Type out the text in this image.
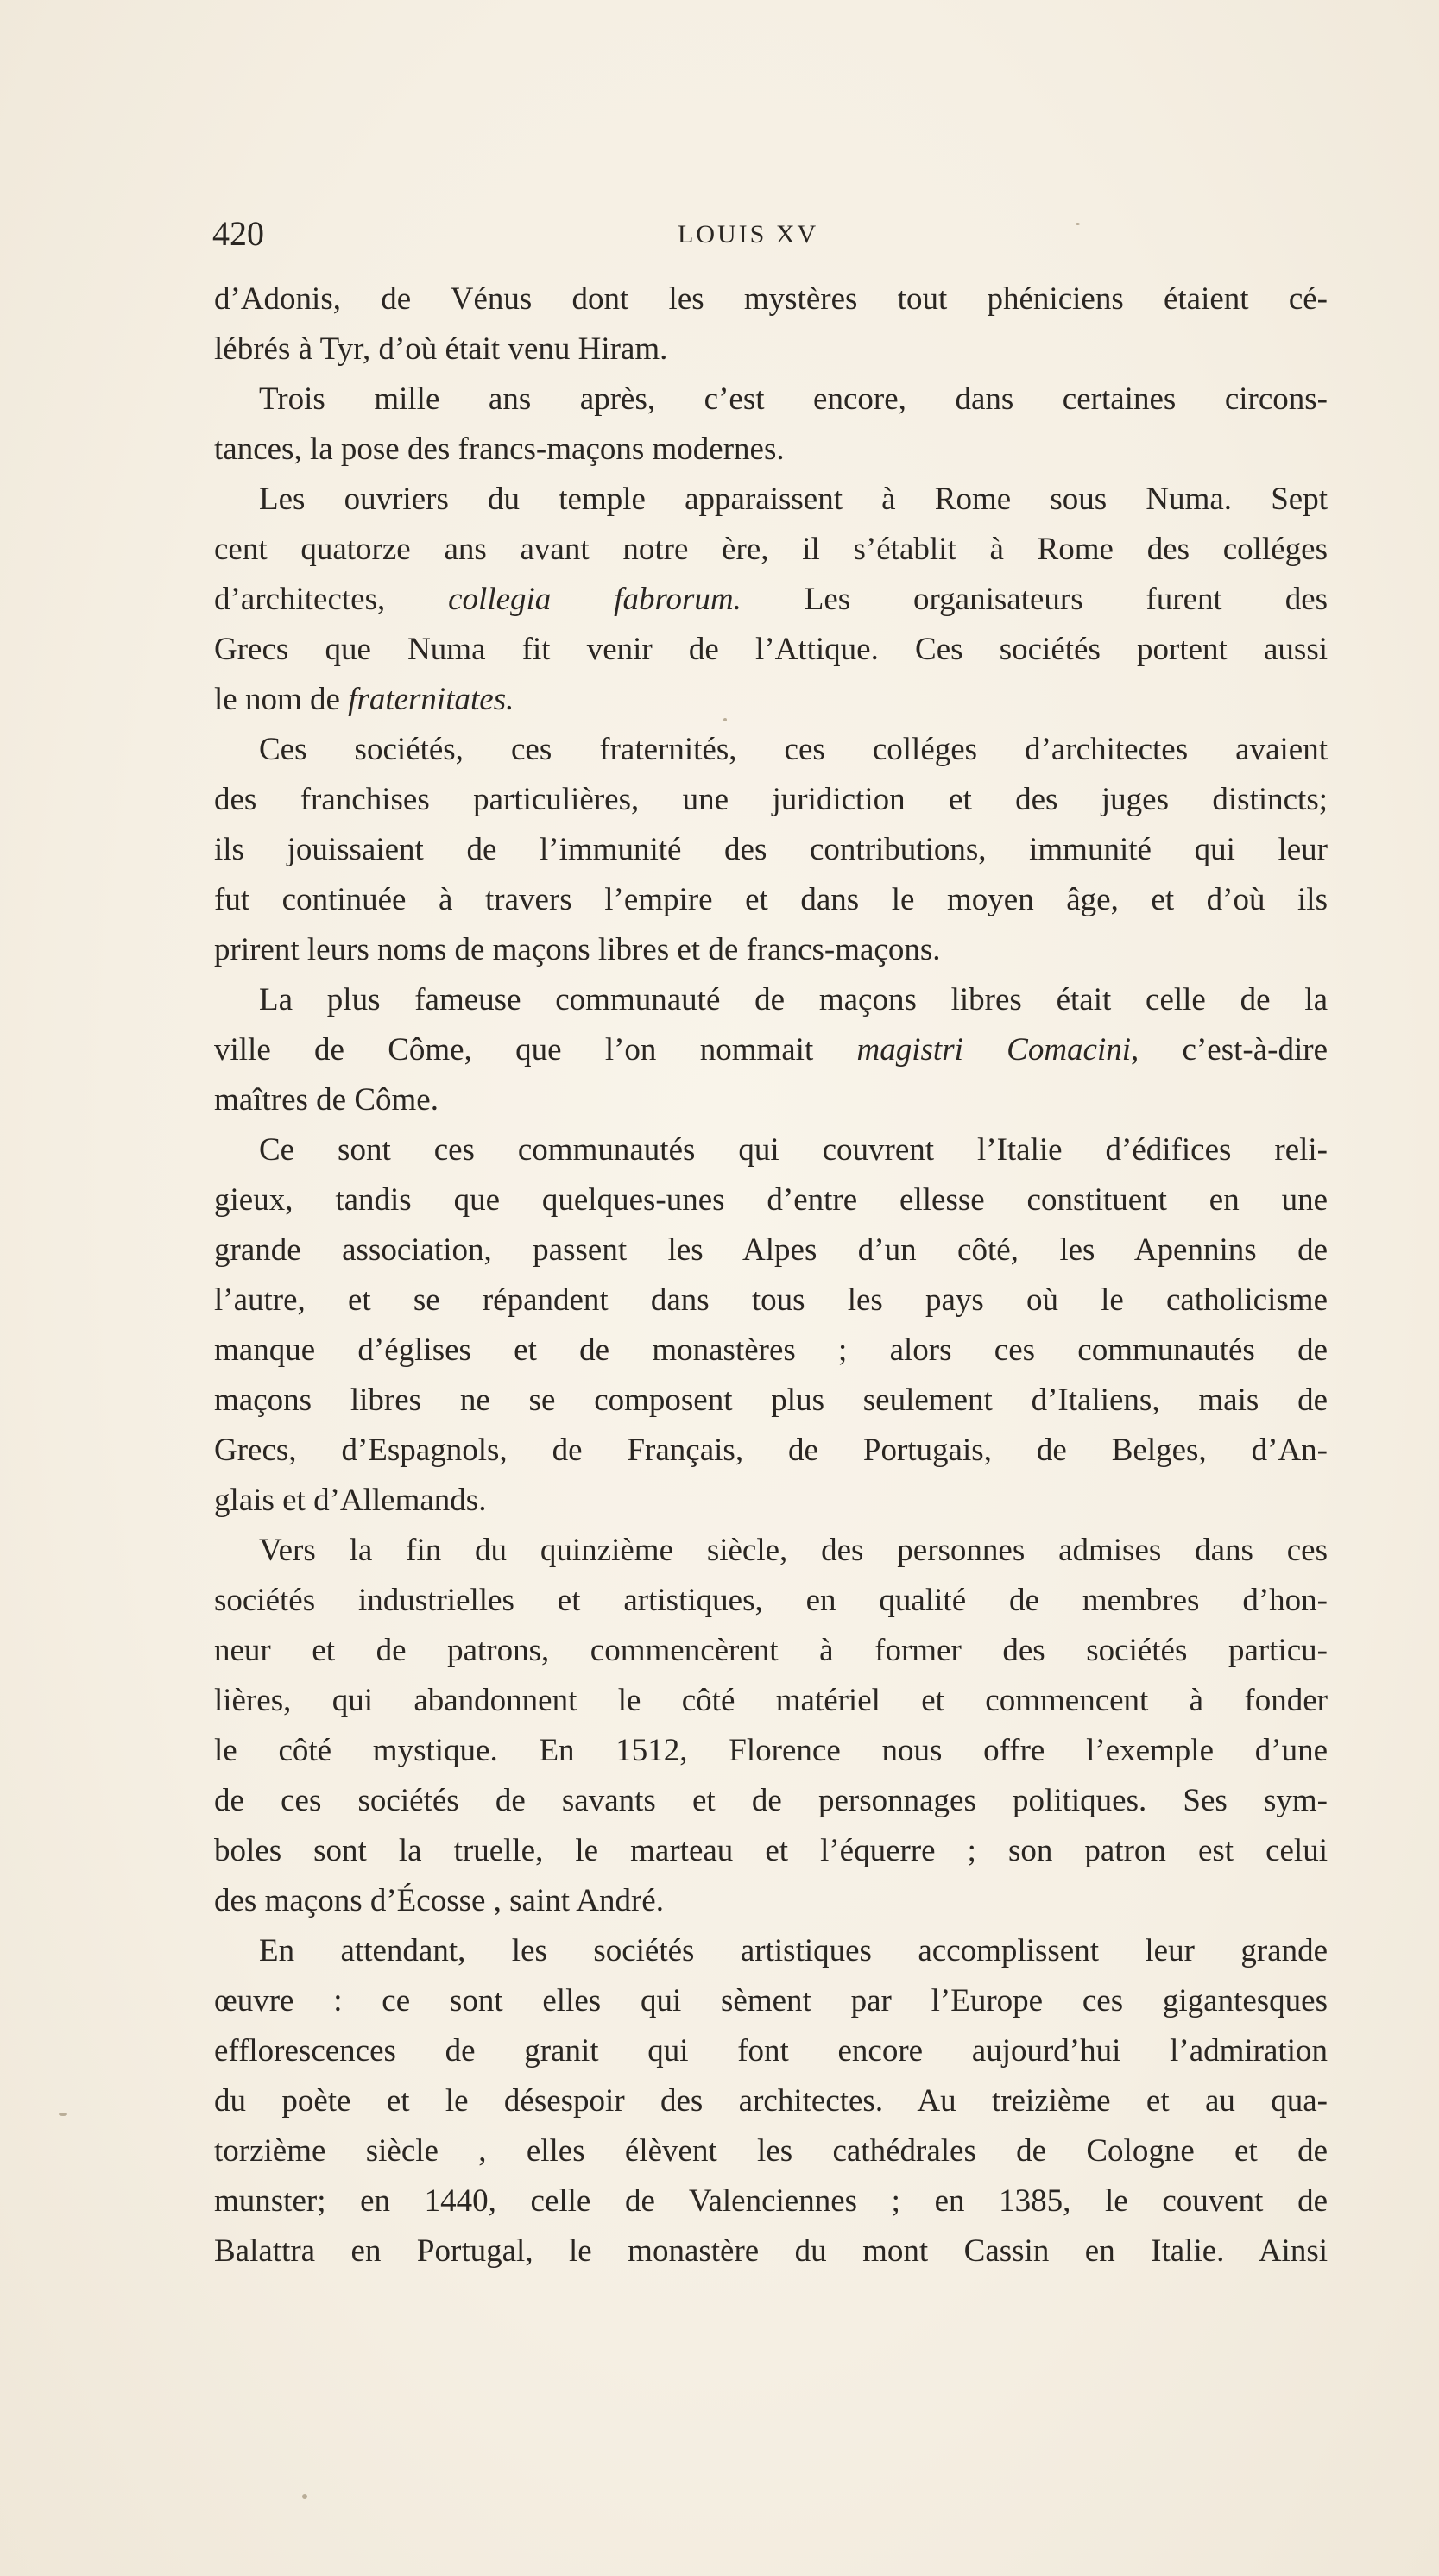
420	LOUIS XV
d’Adonis, de Vénus dont les mystères tout phéniciens étaient cé-
lébrés à Tyr, d’où était venu Hiram.
Trois mille ans après, c’est encore, dans certaines circons-
tances, la pose des francs-maçons modernes.
Les ouvriers du temple apparaissent à Rome sous Numa. Sept
cent quatorze ans avant notre ère, il s’établit à Rome des colléges
d’architectes, collegia fabrorum. Les organisateurs furent des
Grecs que Numa fit venir de l’Attique. Ces sociétés portent aussi
le nom de fraternitates.
Ces sociétés, ces fraternités, ces colléges d’architectes avaient
des franchises particulières, une juridiction et des juges distincts;
ils jouissaient de l’immunité des contributions, immunité qui leur
fut continuée à travers l’empire et dans le moyen âge, et d’où ils
prirent leurs noms de maçons libres et de francs-maçons.
La plus fameuse communauté de maçons libres était celle de la
ville de Côme, que l’on nommait magistri Comacini, c’est-à-dire
maîtres de Côme.
Ce sont ces communautés qui couvrent l’Italie d’édifices reli-
gieux, tandis que quelques-unes d’entre ellesse constituent en une
grande association, passent les Alpes d’un côté, les Apennins de
l’autre, et se répandent dans tous les pays où le catholicisme
manque d’églises et de monastères ; alors ces communautés de
maçons libres ne se composent plus seulement d’Italiens, mais de
Grecs, d’Espagnols, de Français, de Portugais, de Belges, d’An-
glais et d’Allemands.
Vers la fin du quinzième siècle, des personnes admises dans ces
sociétés industrielles et artistiques, en qualité de membres d’hon-
neur et de patrons, commencèrent à former des sociétés particu-
lières, qui abandonnent le côté matériel et commencent à fonder
le côté mystique. En 1512, Florence nous offre l’exemple d’une
de ces sociétés de savants et de personnages politiques. Ses sym-
boles sont la truelle, le marteau et l’équerre ; son patron est celui
des maçons d’Écosse , saint André.
En attendant, les sociétés artistiques accomplissent leur grande
œuvre : ce sont elles qui sèment par l’Europe ces gigantesques
efflorescences de granit qui font encore aujourd’hui l’admiration
du poète et le désespoir des architectes. Au treizième et au qua-
torzième siècle , elles élèvent les cathédrales de Cologne et de
munster; en 1440, celle de Valenciennes ; en 1385, le couvent de
Balattra en Portugal, le monastère du mont Cassin en Italie. Ainsi
